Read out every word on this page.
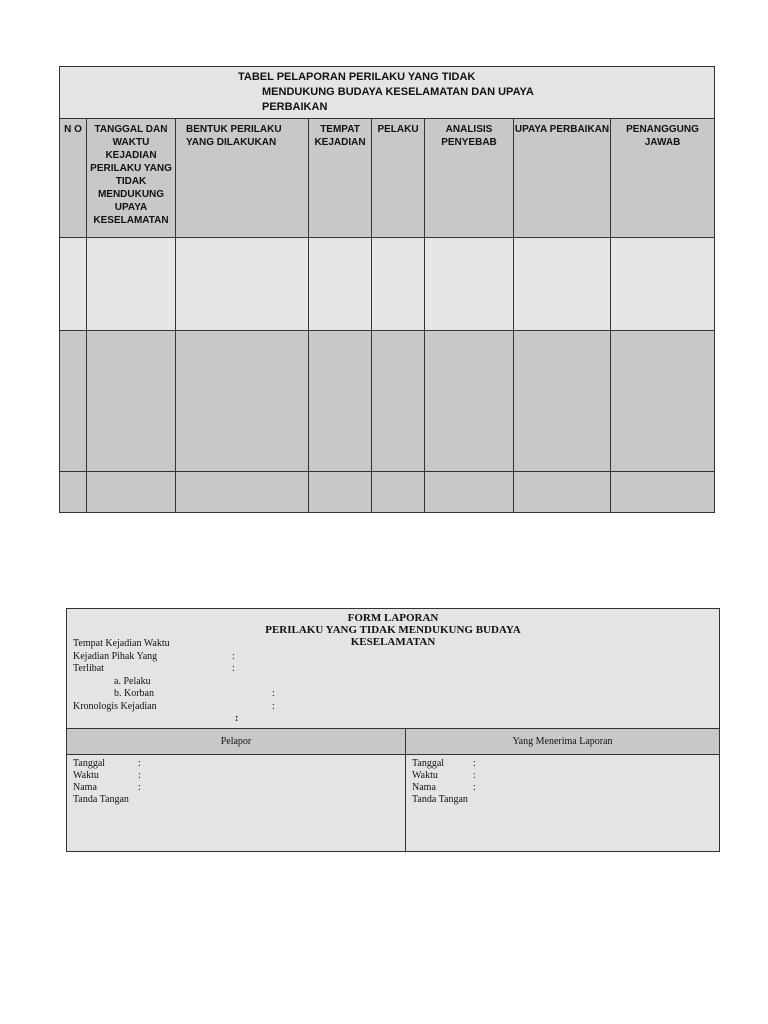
TABEL PELAPORAN PERILAKU YANG TIDAK
MENDUKUNG BUDAYA KESELAMATAN DAN UPAYA
PERBAIKAN							

N O	TANGGAL DAN WAKTU KEJADIAN PERILAKU YANG TIDAK MENDUKUNG UPAYA KESELAMATAN	BENTUK PERILAKU YANG DILAKUKAN	TEMPAT KEJADIAN	PELAKU	ANALISIS PENYEBAB	UPAYA PERBAIKAN	PENANGGUNG JAWAB

FORM LAPORAN
PERILAKU YANG TIDAK MENDUKUNG BUDAYA
KESELAMATAN
Tempat Kejadian Waktu
Kejadian Pihak Yang	:
Terlibat	:
a. Pelaku
b. Korban	:
Kronologis Kejadian	:
:
Pelapor	Yang Menerima Laporan
Tanggal	:
Waktu	:
Nama	:
Tanda Tangan
Tanggal	:
Waktu	:
Nama	:
Tanda Tangan
